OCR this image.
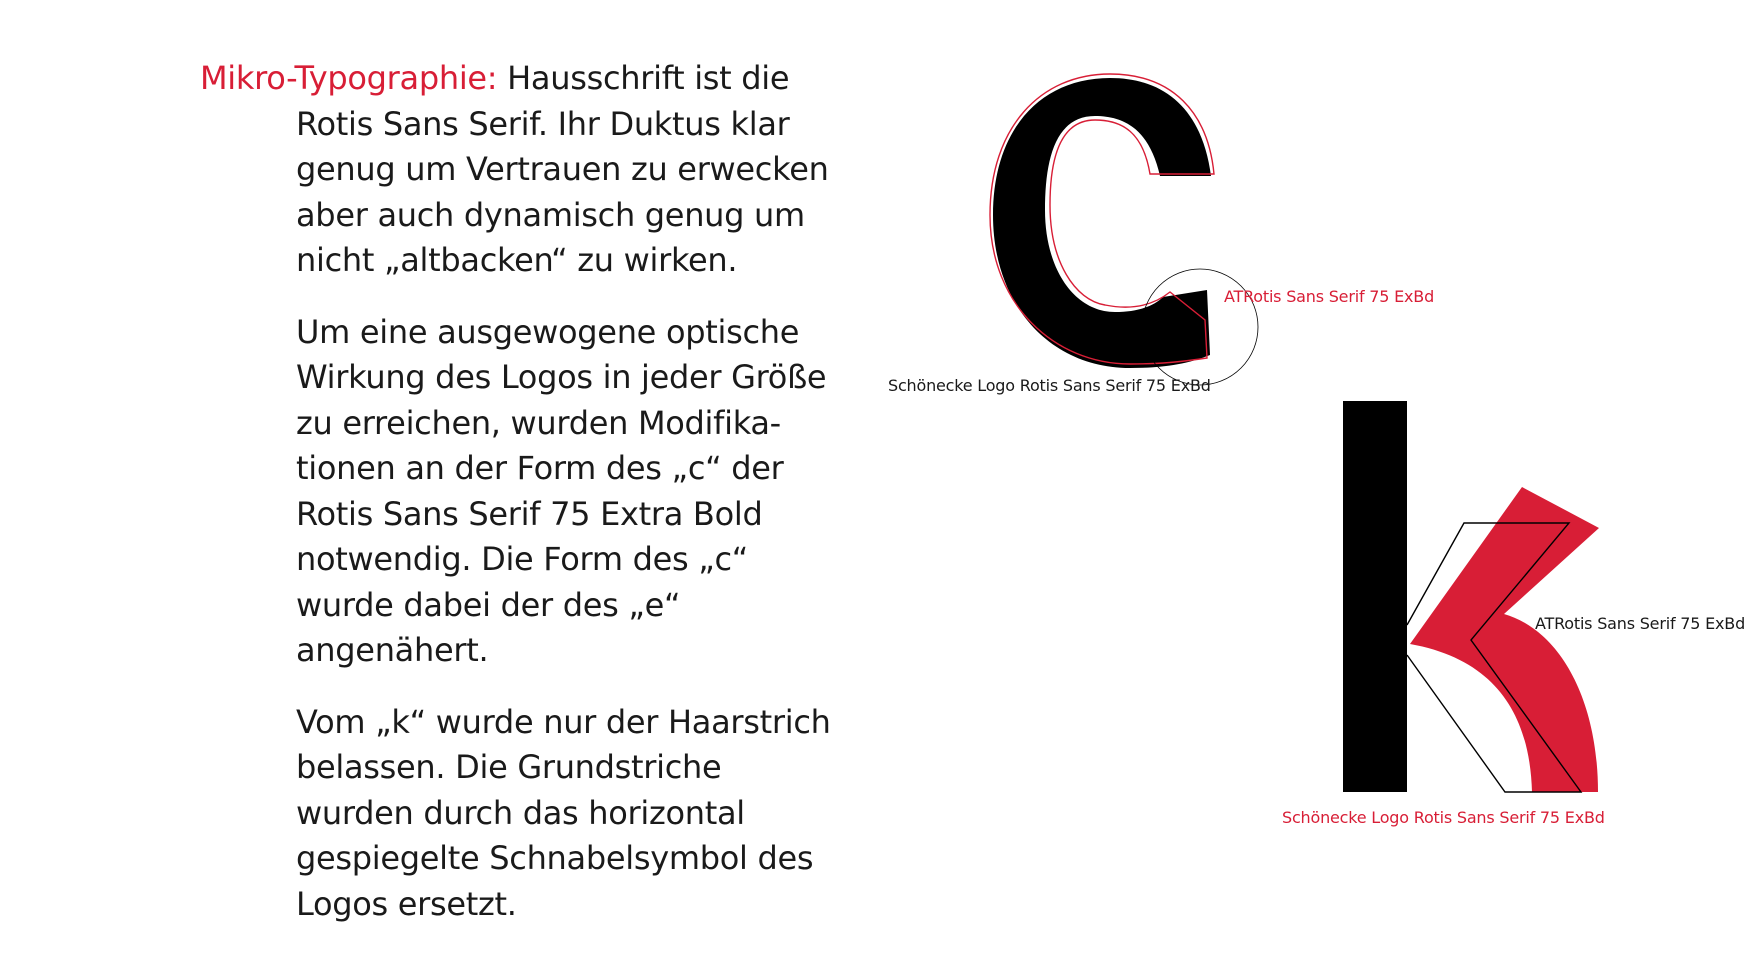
Mikro-Typographie: Hausschrift ist die Rotis Sans Serif. Ihr Duktus klar genug um Vertrauen zu erwecken aber auch dynamisch genug um nicht „altbacken“ zu wirken.

Um eine ausgewogene optische Wirkung des Logos in jeder Größe zu erreichen, wurden Modifika-tionen an der Form des „c“ der Rotis Sans Serif 75 Extra Bold notwendig. Die Form des „c“ wurde dabei der des „e“ angenähert.

Vom „k“ wurde nur der Haarstrich belassen. Die Grundstriche wurden durch das horizontal gespiegelte Schnabelsymbol des Logos ersetzt.

ATRotis Sans Serif 75 ExBd
Schönecke Logo Rotis Sans Serif 75 ExBd
ATRotis Sans Serif 75 ExBd
Schönecke Logo Rotis Sans Serif 75 ExBd
